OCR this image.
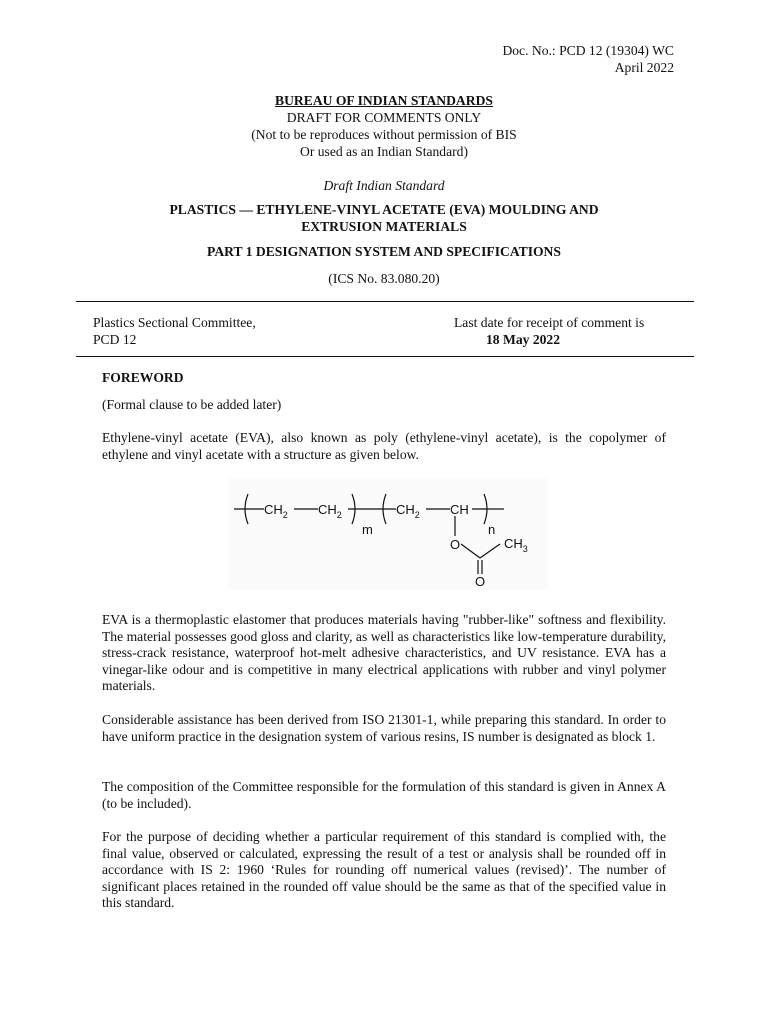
Doc. No.: PCD 12 (19304) WC
April 2022
BUREAU OF INDIAN STANDARDS
DRAFT FOR COMMENTS ONLY
(Not to be reproduces without permission of BIS
Or used as an Indian Standard)
Draft Indian Standard
PLASTICS — ETHYLENE-VINYL ACETATE (EVA) MOULDING AND
EXTRUSION MATERIALS
PART 1 DESIGNATION SYSTEM AND SPECIFICATIONS
(ICS No. 83.080.20)
Plastics Sectional Committee,
PCD 12
Last date for receipt of comment is
18 May 2022
FOREWORD
(Formal clause to be added later)
Ethylene-vinyl acetate (EVA), also known as poly (ethylene-vinyl acetate), is the copolymer of ethylene and vinyl acetate with a structure as given below.
$CH_2$ $CH_2$	$CH_2$ CH
m	n
O	$CH_3$
O
EVA is a thermoplastic elastomer that produces materials having "rubber-like" softness and flexibility. The material possesses good gloss and clarity, as well as characteristics like low-temperature durability, stress-crack resistance, waterproof hot-melt adhesive characteristics, and UV resistance. EVA has a vinegar-like odour and is competitive in many electrical applications with rubber and vinyl polymer materials.
Considerable assistance has been derived from ISO 21301-1, while preparing this standard. In order to have uniform practice in the designation system of various resins, IS number is designated as block 1.
The composition of the Committee responsible for the formulation of this standard is given in Annex A (to be included).
For the purpose of deciding whether a particular requirement of this standard is complied with, the final value, observed or calculated, expressing the result of a test or analysis shall be rounded off in accordance with IS 2: 1960 ‘Rules for rounding off numerical values (revised)’. The number of significant places retained in the rounded off value should be the same as that of the specified value in this standard.
